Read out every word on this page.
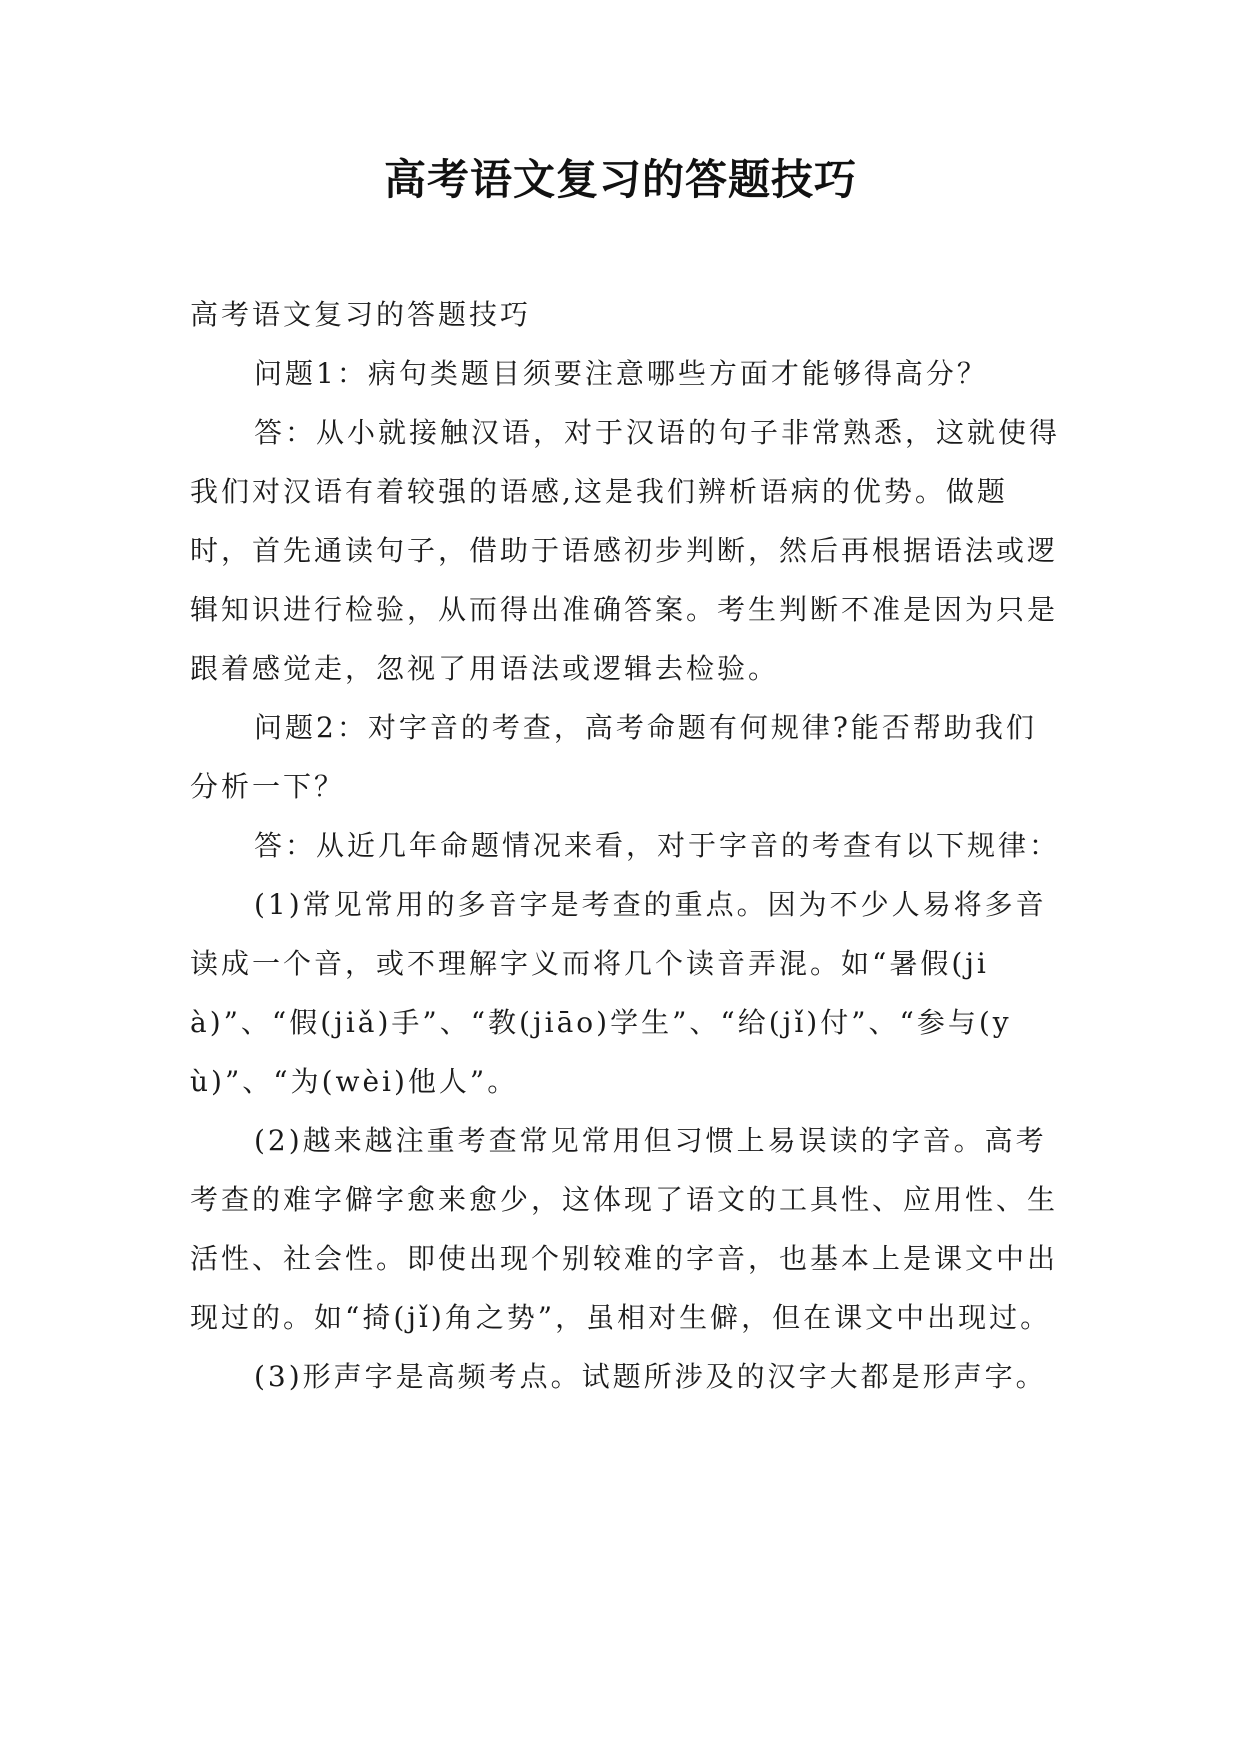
高考语文复习的答题技巧

高考语文复习的答题技巧

问题1：病句类题目须要注意哪些方面才能够得高分？

答：从小就接触汉语，对于汉语的句子非常熟悉，这就使得我们对汉语有着较强的语感,这是我们辨析语病的优势。做题时，首先通读句子，借助于语感初步判断，然后再根据语法或逻辑知识进行检验，从而得出准确答案。考生判断不准是因为只是跟着感觉走，忽视了用语法或逻辑去检验。

问题2：对字音的考查，高考命题有何规律?能否帮助我们分析一下？

答：从近几年命题情况来看，对于字音的考查有以下规律：

(1)常见常用的多音字是考查的重点。因为不少人易将多音读成一个音，或不理解字义而将几个读音弄混。如“暑假(jià)”、“假(jiǎ)手”、“教(jiāo)学生”、“给(jǐ)付”、“参与(yù)”、“为(wèi)他人”。

(2)越来越注重考查常见常用但习惯上易误读的字音。高考考查的难字僻字愈来愈少，这体现了语文的工具性、应用性、生活性、社会性。即使出现个别较难的字音，也基本上是课文中出现过的。如“掎(jǐ)角之势”，虽相对生僻，但在课文中出现过。

(3)形声字是高频考点。试题所涉及的汉字大都是形声字。
